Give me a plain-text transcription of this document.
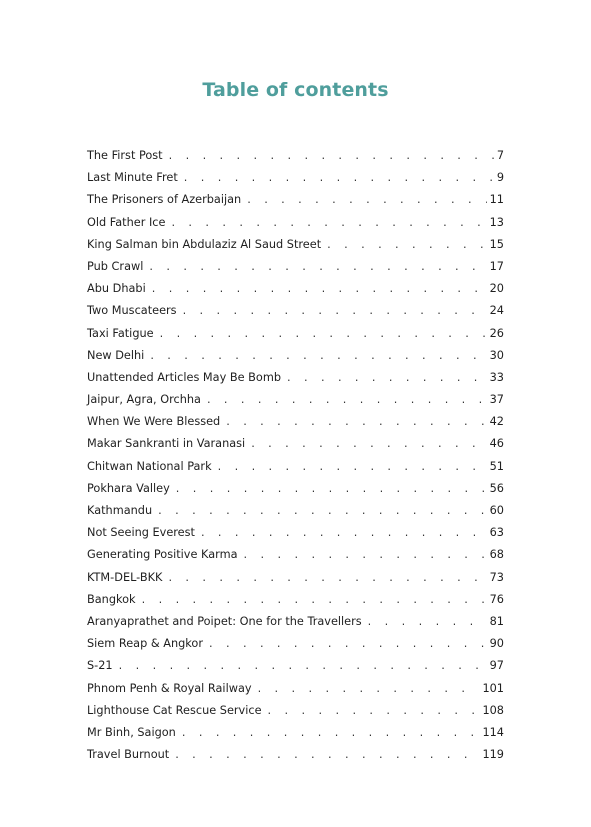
Table of contents
The First Post . . .	7
Last Minute Fret . . .	9
The Prisoners of Azerbaijan . . .	11
Old Father Ice . . .	13
King Salman bin Abdulaziz Al Saud Street . . .	15
Pub Crawl . . .	17
Abu Dhabi . . .	20
Two Muscateers . . .	24
Taxi Fatigue . . .	26
New Delhi . . .	30
Unattended Articles May Be Bomb . . .	33
Jaipur, Agra, Orchha . . .	37
When We Were Blessed . . .	42
Makar Sankranti in Varanasi . . .	46
Chitwan National Park . . .	51
Pokhara Valley . . .	56
Kathmandu . . .	60
Not Seeing Everest . . .	63
Generating Positive Karma . . .	68
KTM-DEL-BKK . . .	73
Bangkok . . .	76
Aranyaprathet and Poipet: One for the Travellers . . .	81
Siem Reap & Angkor . . .	90
S-21 . . .	97
Phnom Penh & Royal Railway . . .	101
Lighthouse Cat Rescue Service . . .	108
Mr Binh, Saigon . . .	114
Travel Burnout . . .	119
